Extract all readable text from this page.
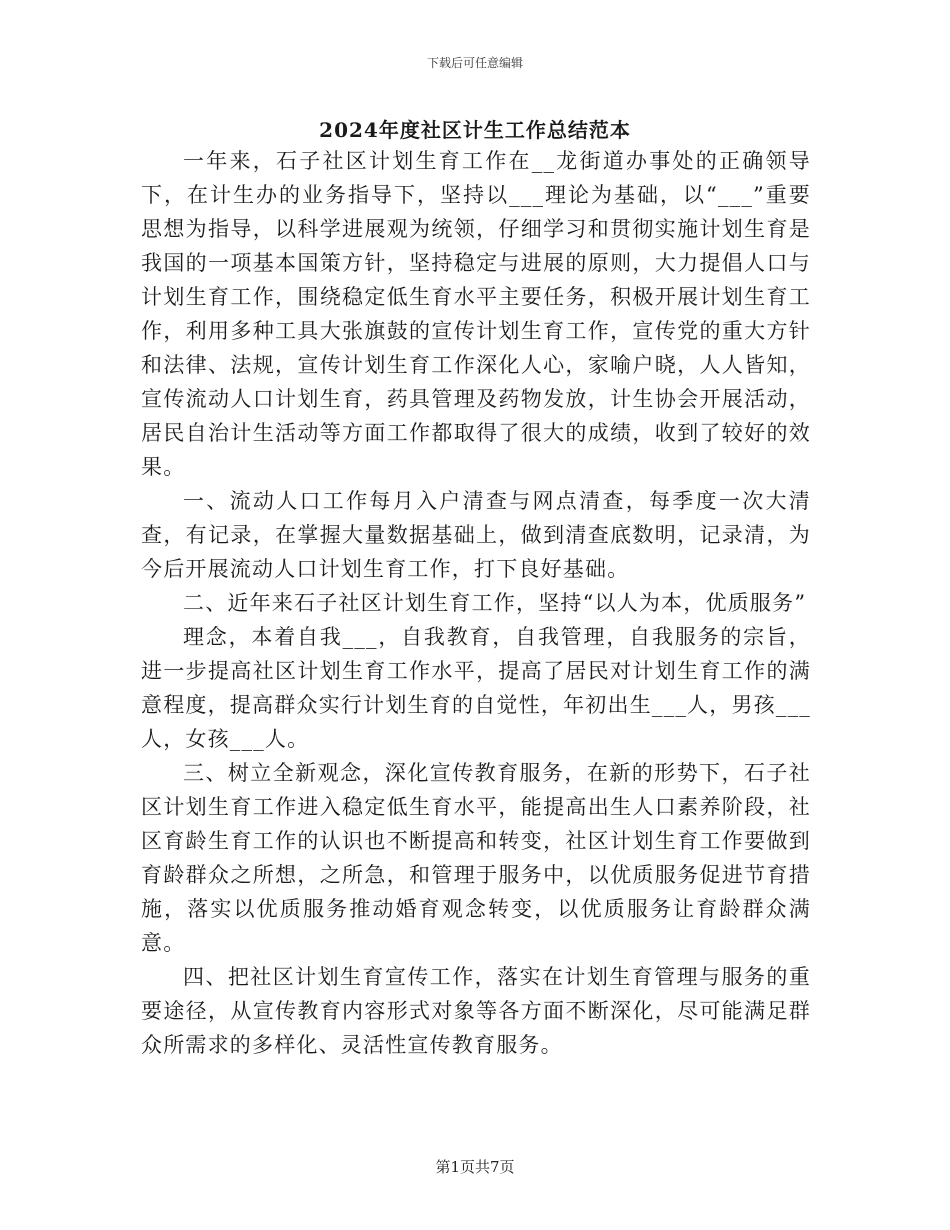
下载后可任意编辑
2024年度社区计生工作总结范本

一年来，石子社区计划生育工作在__龙街道办事处的正确领导下，在计生办的业务指导下，坚持以___理论为基础，以“___”重要思想为指导，以科学进展观为统领，仔细学习和贯彻实施计划生育是我国的一项基本国策方针，坚持稳定与进展的原则，大力提倡人口与计划生育工作，围绕稳定低生育水平主要任务，积极开展计划生育工作，利用多种工具大张旗鼓的宣传计划生育工作，宣传党的重大方针和法律、法规，宣传计划生育工作深化人心，家喻户晓，人人皆知，宣传流动人口计划生育，药具管理及药物发放，计生协会开展活动，居民自治计生活动等方面工作都取得了很大的成绩，收到了较好的效果。

一、流动人口工作每月入户清查与网点清查，每季度一次大清查，有记录，在掌握大量数据基础上，做到清查底数明，记录清，为今后开展流动人口计划生育工作，打下良好基础。

二、近年来石子社区计划生育工作，坚持“以人为本，优质服务”

理念，本着自我___，自我教育，自我管理，自我服务的宗旨，进一步提高社区计划生育工作水平，提高了居民对计划生育工作的满意程度，提高群众实行计划生育的自觉性，年初出生___人，男孩___人，女孩___人。

三、树立全新观念，深化宣传教育服务，在新的形势下，石子社区计划生育工作进入稳定低生育水平，能提高出生人口素养阶段，社区育龄生育工作的认识也不断提高和转变，社区计划生育工作要做到育龄群众之所想，之所急，和管理于服务中，以优质服务促进节育措施，落实以优质服务推动婚育观念转变，以优质服务让育龄群众满意。

四、把社区计划生育宣传工作，落实在计划生育管理与服务的重要途径，从宣传教育内容形式对象等各方面不断深化，尽可能满足群众所需求的多样化、灵活性宣传教育服务。

第1页共7页
